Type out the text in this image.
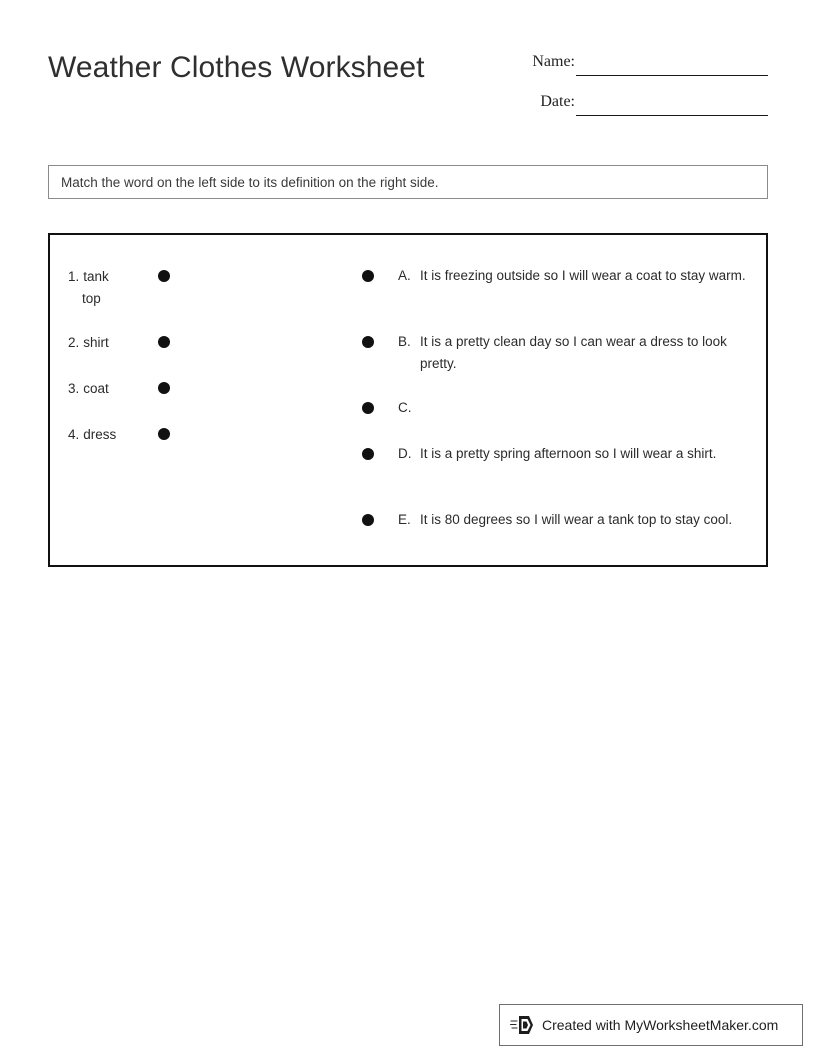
Weather Clothes Worksheet	Name:
Date:
Match the word on the left side to its definition on the right side.
1. tank
top
2. shirt
3. coat
4. dress
A. It is freezing outside so I will wear a coat to stay warm.
B. It is a pretty clean day so I can wear a dress to look pretty.
C.
D. It is a pretty spring afternoon so I will wear a shirt.
E. It is 80 degrees so I will wear a tank top to stay cool.
Created with MyWorksheetMaker.com
